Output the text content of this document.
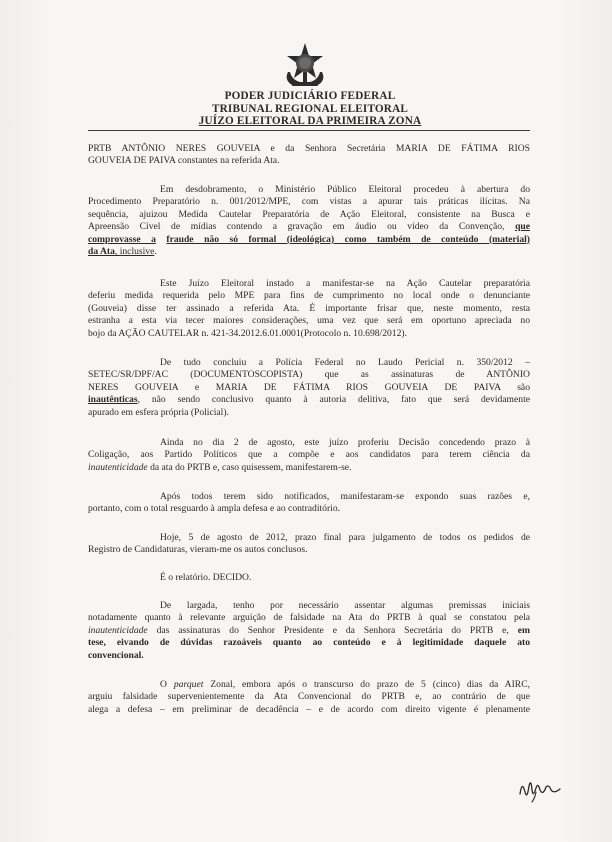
PODER JUDICIÁRIO FEDERAL
TRIBUNAL REGIONAL ELEITORAL
JUÍZO ELEITORAL DA PRIMEIRA ZONA
PRTB ANTÔNIO NERES GOUVEIA e da Senhora Secretária MARIA DE FÁTIMA RIOS
GOUVEIA DE PAIVA constantes na referida Ata.
Em desdobramento, o Ministério Público Eleitoral procedeu à abertura do
Procedimento Preparatório n. 001/2012/MPE, com vistas a apurar tais práticas ilícitas. Na
sequência, ajuizou Medida Cautelar Preparatória de Ação Eleitoral, consistente na Busca e
Apreensão Cível de mídias contendo a gravação em áudio ou vídeo da Convenção, que
comprovasse a fraude não só formal (ideológica) como também de conteúdo (material)
da Ata, inclusive.
Este Juízo Eleitoral instado a manifestar-se na Ação Cautelar preparatória
deferiu medida requerida pelo MPE para fins de cumprimento no local onde o denunciante
(Gouveia) disse ter assinado a referida Ata. É importante frisar que, neste momento, resta
estranha a esta via tecer maiores considerações, uma vez que será em oportuno apreciada no
bojo da AÇÃO CAUTELAR n. 421-34.2012.6.01.0001(Protocolo n. 10.698/2012).
De tudo concluiu a Polícia Federal no Laudo Pericial n. 350/2012 –
SETEC/SR/DPF/AC (DOCUMENTOSCOPISTA) que as assinaturas de ANTÔNIO
NERES GOUVEIA e MARIA DE FÁTIMA RIOS GOUVEIA DE PAIVA são
inautênticas, não sendo conclusivo quanto à autoria delitiva, fato que será devidamente
apurado em esfera própria (Policial).
Ainda no dia 2 de agosto, este juízo proferiu Decisão concedendo prazo à
Coligação, aos Partido Políticos que a compõe e aos candidatos para terem ciência da
inautenticidade da ata do PRTB e, caso quisessem, manifestarem-se.
Após todos terem sido notificados, manifestaram-se expondo suas razões e,
portanto, com o total resguardo à ampla defesa e ao contraditório.
Hoje, 5 de agosto de 2012, prazo final para julgamento de todos os pedidos de
Registro de Candidaturas, vieram-me os autos conclusos.
É o relatório. DECIDO.
De largada, tenho por necessário assentar algumas premissas iniciais
notadamente quanto à relevante arguição de falsidade na Ata do PRTB à qual se constatou pela
inautenticidade das assinaturas do Senhor Presidente e da Senhora Secretária do PRTB e, em
tese, eivando de dúvidas razoáveis quanto ao conteúdo e à legitimidade daquele ato
convencional.
O parquet Zonal, embora após o transcurso do prazo de 5 (cinco) dias da AIRC,
arguiu falsidade supervenientemente da Ata Convencional do PRTB e, ao contrário de que
alega a defesa – em preliminar de decadência – e de acordo com direito vigente é plenamente
